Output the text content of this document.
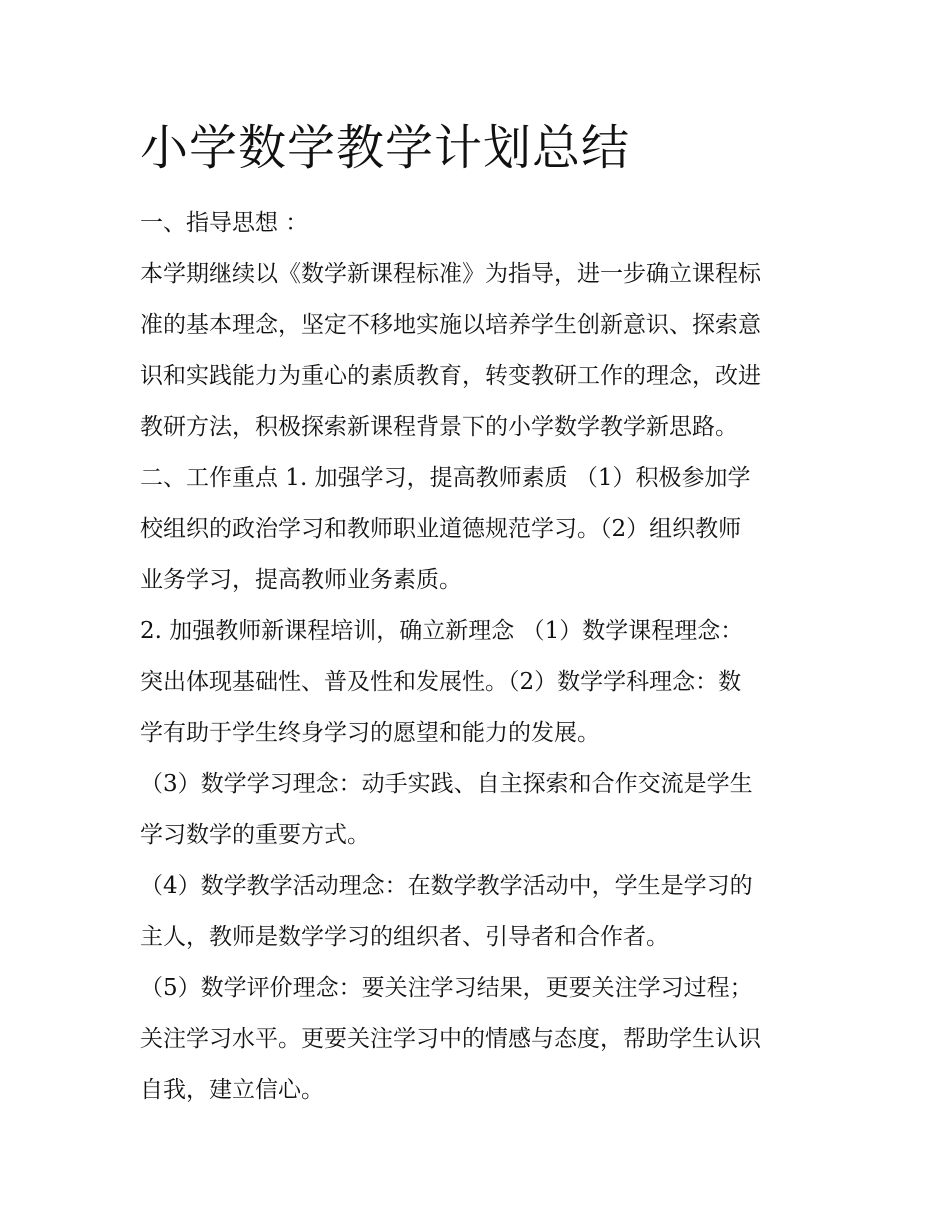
小学数学教学计划总结

一、指导思想 ：

本学期继续以《数学新课程标准》为指导，进一步确立课程标

准的基本理念，坚定不移地实施以培养学生创新意识、探索意

识和实践能力为重心的素质教育，转变教研工作的理念，改进

教研方法，积极探索新课程背景下的小学数学教学新思路。

二、工作重点 1. 加强学习，提高教师素质 （1）积极参加学

校组织的政治学习和教师职业道德规范学习。（2）组织教师

业务学习，提高教师业务素质。

2. 加强教师新课程培训，确立新理念 （1）数学课程理念：

突出体现基础性、普及性和发展性。（2）数学学科理念：数

学有助于学生终身学习的愿望和能力的发展。

（3）数学学习理念：动手实践、自主探索和合作交流是学生

学习数学的重要方式。

（4）数学教学活动理念：在数学教学活动中，学生是学习的

主人，教师是数学学习的组织者、引导者和合作者。

（5）数学评价理念：要关注学习结果，更要关注学习过程；

关注学习水平。更要关注学习中的情感与态度，帮助学生认识

自我，建立信心。
